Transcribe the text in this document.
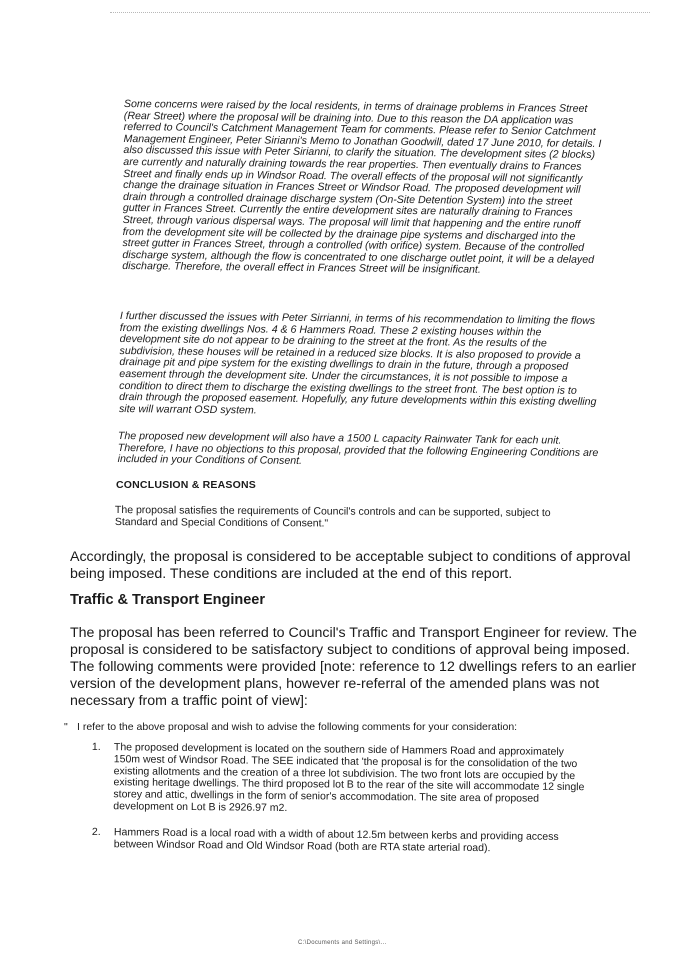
Some concerns were raised by the local residents, in terms of drainage problems in Frances Street (Rear Street) where the proposal will be draining into. Due to this reason the DA application was referred to Council's Catchment Management Team for comments. Please refer to Senior Catchment Management Engineer, Peter Sirianni's Memo to Jonathan Goodwill, dated 17 June 2010, for details. I also discussed this issue with Peter Sirianni, to clarify the situation. The development sites (2 blocks) are currently and naturally draining towards the rear properties. Then eventually drains to Frances Street and finally ends up in Windsor Road. The overall effects of the proposal will not significantly change the drainage situation in Frances Street or Windsor Road. The proposed development will drain through a controlled drainage discharge system (On-Site Detention System) into the street gutter in Frances Street. Currently the entire development sites are naturally draining to Frances Street, through various dispersal ways. The proposal will limit that happening and the entire runoff from the development site will be collected by the drainage pipe systems and discharged into the street gutter in Frances Street, through a controlled (with orifice) system. Because of the controlled discharge system, although the flow is concentrated to one discharge outlet point, it will be a delayed discharge. Therefore, the overall effect in Frances Street will be insignificant.

I further discussed the issues with Peter Sirrianni, in terms of his recommendation to limiting the flows from the existing dwellings Nos. 4 & 6 Hammers Road. These 2 existing houses within the development site do not appear to be draining to the street at the front. As the results of the subdivision, these houses will be retained in a reduced size blocks. It is also proposed to provide a drainage pit and pipe system for the existing dwellings to drain in the future, through a proposed easement through the development site. Under the circumstances, it is not possible to impose a condition to direct them to discharge the existing dwellings to the street front. The best option is to drain through the proposed easement. Hopefully, any future developments within this existing dwelling site will warrant OSD system.

The proposed new development will also have a 1500 L capacity Rainwater Tank for each unit. Therefore, I have no objections to this proposal, provided that the following Engineering Conditions are included in your Conditions of Consent.

CONCLUSION & REASONS

The proposal satisfies the requirements of Council's controls and can be supported, subject to Standard and Special Conditions of Consent."

Accordingly, the proposal is considered to be acceptable subject to conditions of approval being imposed. These conditions are included at the end of this report.

Traffic & Transport Engineer

The proposal has been referred to Council's Traffic and Transport Engineer for review. The proposal is considered to be satisfactory subject to conditions of approval being imposed. The following comments were provided [note: reference to 12 dwellings refers to an earlier version of the development plans, however re-referral of the amended plans was not necessary from a traffic point of view]:

" I refer to the above proposal and wish to advise the following comments for your consideration:
1.	The proposed development is located on the southern side of Hammers Road and approximately 150m west of Windsor Road. The SEE indicated that 'the proposal is for the consolidation of the two existing allotments and the creation of a three lot subdivision. The two front lots are occupied by the existing heritage dwellings. The third proposed lot B to the rear of the site will accommodate 12 single storey and attic, dwellings in the form of senior's accommodation. The site area of proposed development on Lot B is 2926.97 m2.
2.	Hammers Road is a local road with a width of about 12.5m between kerbs and providing access between Windsor Road and Old Windsor Road (both are RTA state arterial road).
C:\Documents and Settings\...
